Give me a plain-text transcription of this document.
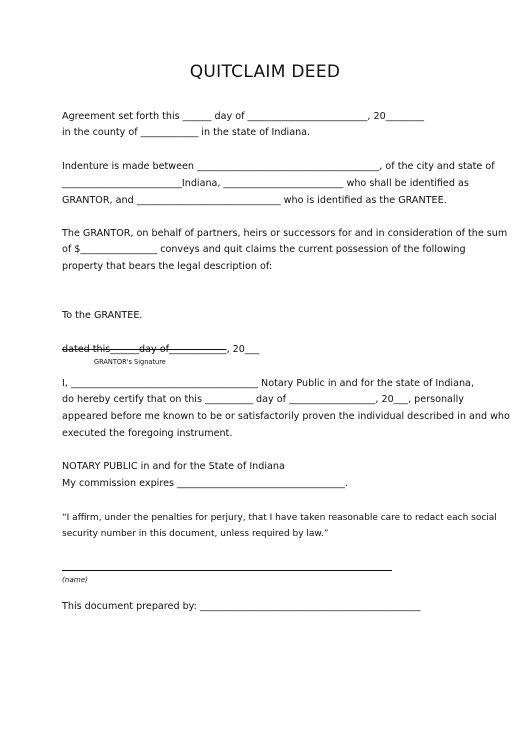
QUITCLAIM DEED
Agreement set forth this ______ day of _________________________, 20________
in the county of ____________ in the state of Indiana.
Indenture is made between ______________________________________, of the city and state of
_________________________Indiana, _________________________ who shall be identified as
GRANTOR, and ______________________________ who is identified as the GRANTEE.
The GRANTOR, on behalf of partners, heirs or successors for and in consideration of the sum
of $________________ conveys and quit claims the current possession of the following
property that bears the legal description of:
To the GRANTEE.
dated this______day of____________, 20___
GRANTOR's Signature
I, _______________________________________ Notary Public in and for the state of Indiana,
do hereby certify that on this __________ day of __________________, 20___, personally
appeared before me known to be or satisfactorily proven the individual described in and who
executed the foregoing instrument.
NOTARY PUBLIC in and for the State of Indiana
My commission expires ___________________________________.
“I affirm, under the penalties for perjury, that I have taken reasonable care to redact each social
security number in this document, unless required by law.”
(name)
This document prepared by: ______________________________________________
